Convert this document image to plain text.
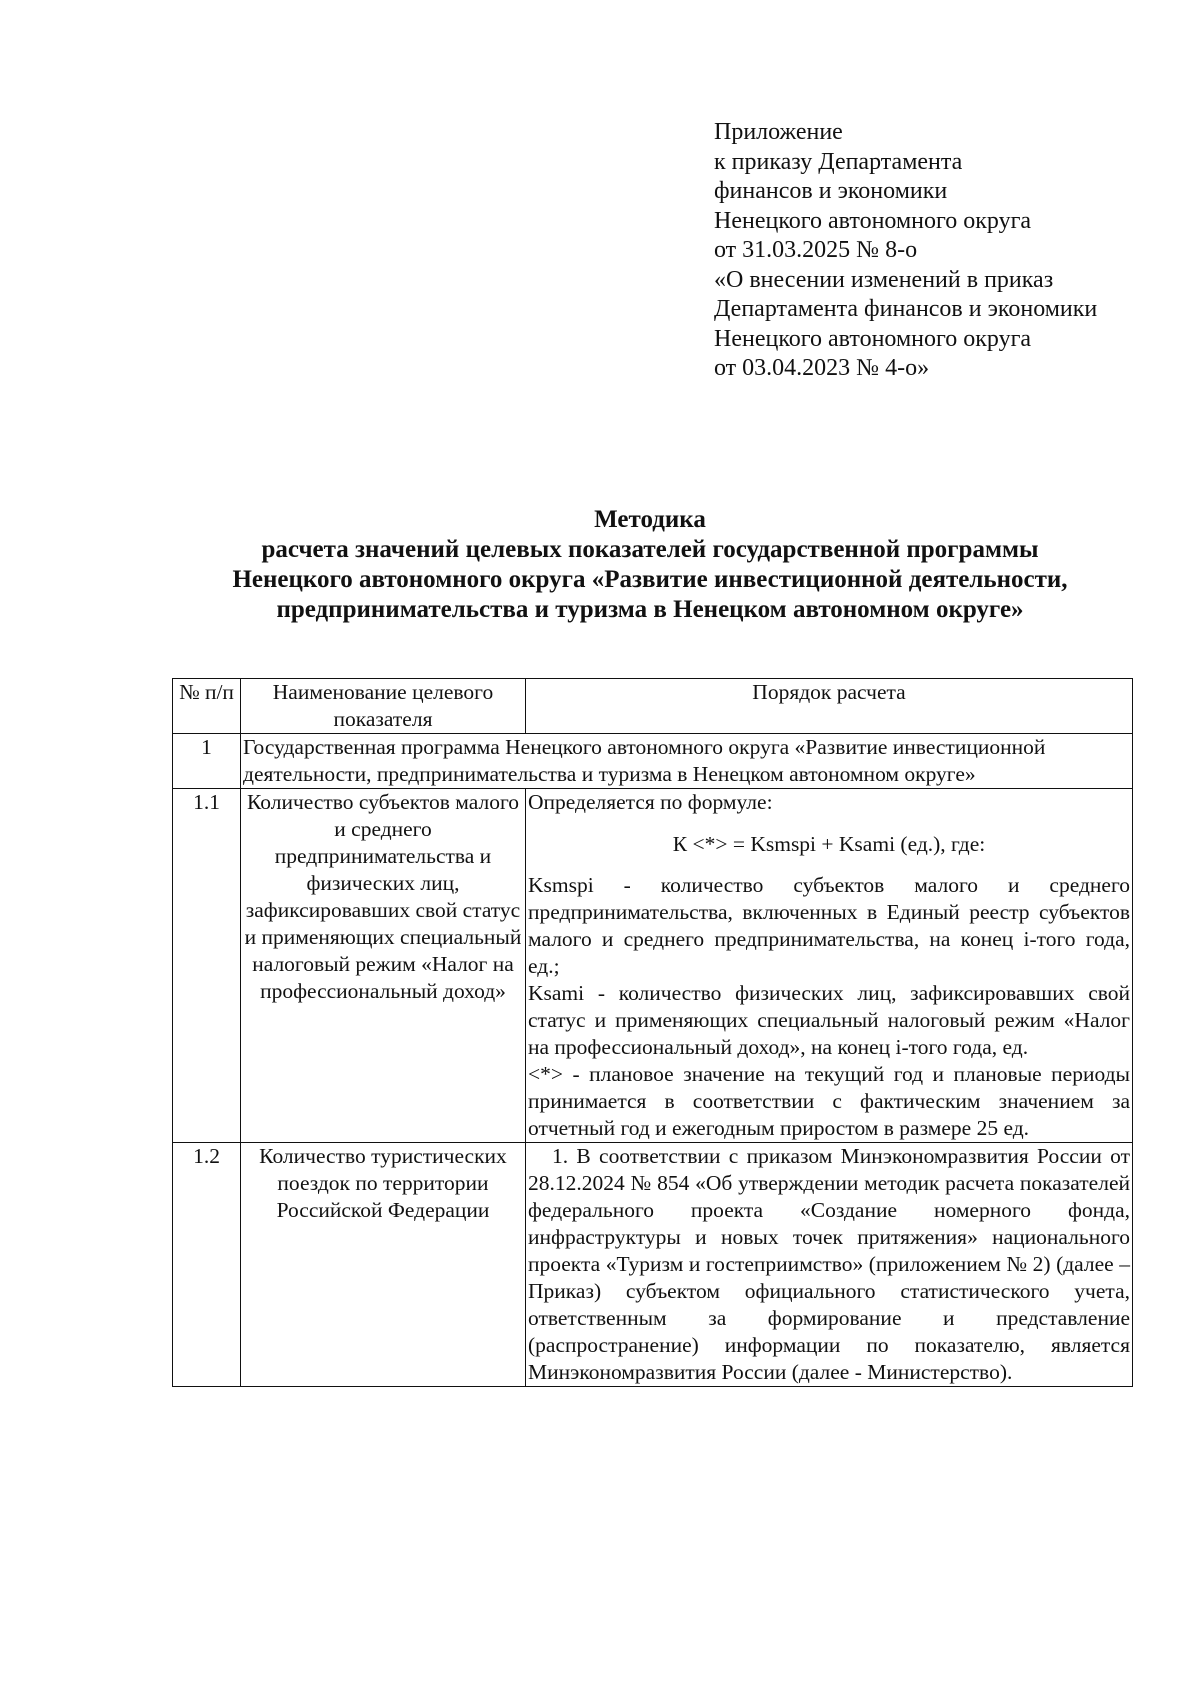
Приложение
к приказу Департамента
финансов и экономики
Ненецкого автономного округа
от 31.03.2025 № 8-о
«О внесении изменений в приказ
Департамента финансов и экономики
Ненецкого автономного округа
от 03.04.2023 № 4-о»
Методика
расчета значений целевых показателей государственной программы
Ненецкого автономного округа «Развитие инвестиционной деятельности,
предпринимательства и туризма в Ненецком автономном округе»
№ п/п	Наименование целевого показателя	Порядок расчета
1	Государственная программа Ненецкого автономного округа «Развитие инвестиционной деятельности, предпринимательства и туризма в Ненецком автономном округе»	
1.1	Количество субъектов малого и среднего предпринимательства и физических лиц, зафиксировавших свой статус и применяющих специальный налоговый режим «Налог на профессиональный доход»	Определяется по формуле:
К <*> = Ksmspi + Ksami (ед.), где:
Ksmspi - количество субъектов малого и среднего предпринимательства, включенных в Единый реестр субъектов малого и среднего предпринимательства, на конец i-того года, ед.;
Ksami - количество физических лиц, зафиксировавших свой статус и применяющих специальный налоговый режим «Налог на профессиональный доход», на конец i-того года, ед.
<*> - плановое значение на текущий год и плановые периоды принимается в соответствии с фактическим значением за отчетный год и ежегодным приростом в размере 25 ед.

1.2	Количество туристических поездок по территории Российской Федерации	1. В соответствии с приказом Минэкономразвития России от 28.12.2024 № 854 «Об утверждении методик расчета показателей федерального проекта «Создание номерного фонда, инфраструктуры и новых точек притяжения» национального проекта «Туризм и гостеприимство» (приложением № 2) (далее – Приказ) субъектом официального статистического учета, ответственным за формирование и представление (распространение) информации по показателю, является Минэкономразвития России (далее - Министерство).
